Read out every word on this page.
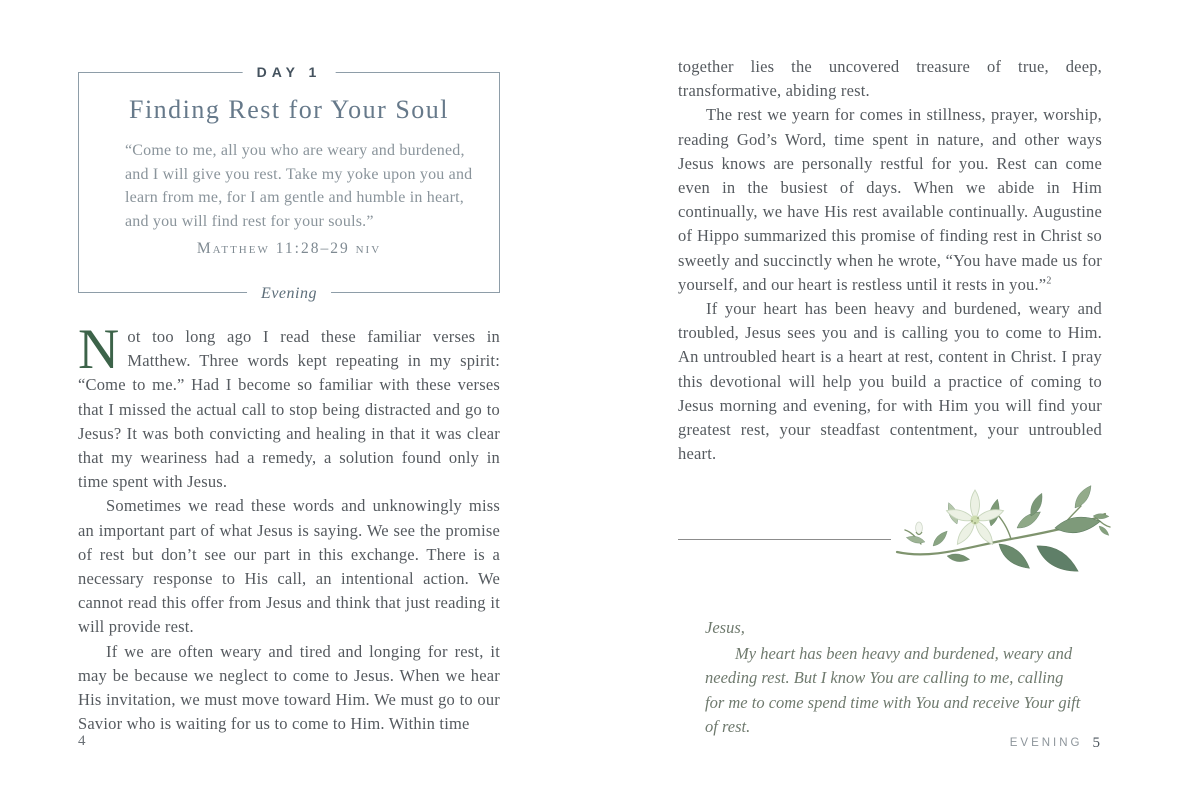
DAY 1
Finding Rest for Your Soul
“Come to me, all you who are weary and burdened, and I will give you rest. Take my yoke upon you and learn from me, for I am gentle and humble in heart, and you will find rest for your souls.”
Matthew 11:28–29 niv
Evening

Not too long ago I read these familiar verses in Matthew. Three words kept repeating in my spirit: “Come to me.” Had I become so familiar with these verses that I missed the actual call to stop being distracted and go to Jesus? It was both convicting and healing in that it was clear that my weariness had a remedy, a solution found only in time spent with Jesus.

Sometimes we read these words and unknowingly miss an important part of what Jesus is saying. We see the promise of rest but don’t see our part in this exchange. There is a necessary response to His call, an intentional action. We cannot read this offer from Jesus and think that just reading it will provide rest.

If we are often weary and tired and longing for rest, it may be because we neglect to come to Jesus. When we hear His invitation, we must move toward Him. We must go to our Savior who is waiting for us to come to Him. Within time

4

together lies the uncovered treasure of true, deep, transformative, abiding rest.

The rest we yearn for comes in stillness, prayer, worship, reading God’s Word, time spent in nature, and other ways Jesus knows are personally restful for you. Rest can come even in the busiest of days. When we abide in Him continually, we have His rest available continually. Augustine of Hippo summarized this promise of finding rest in Christ so sweetly and succinctly when he wrote, “You have made us for yourself, and our heart is restless until it rests in you.”$^2$

If your heart has been heavy and burdened, weary and troubled, Jesus sees you and is calling you to come to Him. An untroubled heart is a heart at rest, content in Christ. I pray this devotional will help you build a practice of coming to Jesus morning and evening, for with Him you will find your greatest rest, your steadfast contentment, your untroubled heart.

Jesus,
My heart has been heavy and burdened, weary and needing rest. But I know You are calling to me, calling for me to come spend time with You and receive Your gift of rest.
EVENING 5
